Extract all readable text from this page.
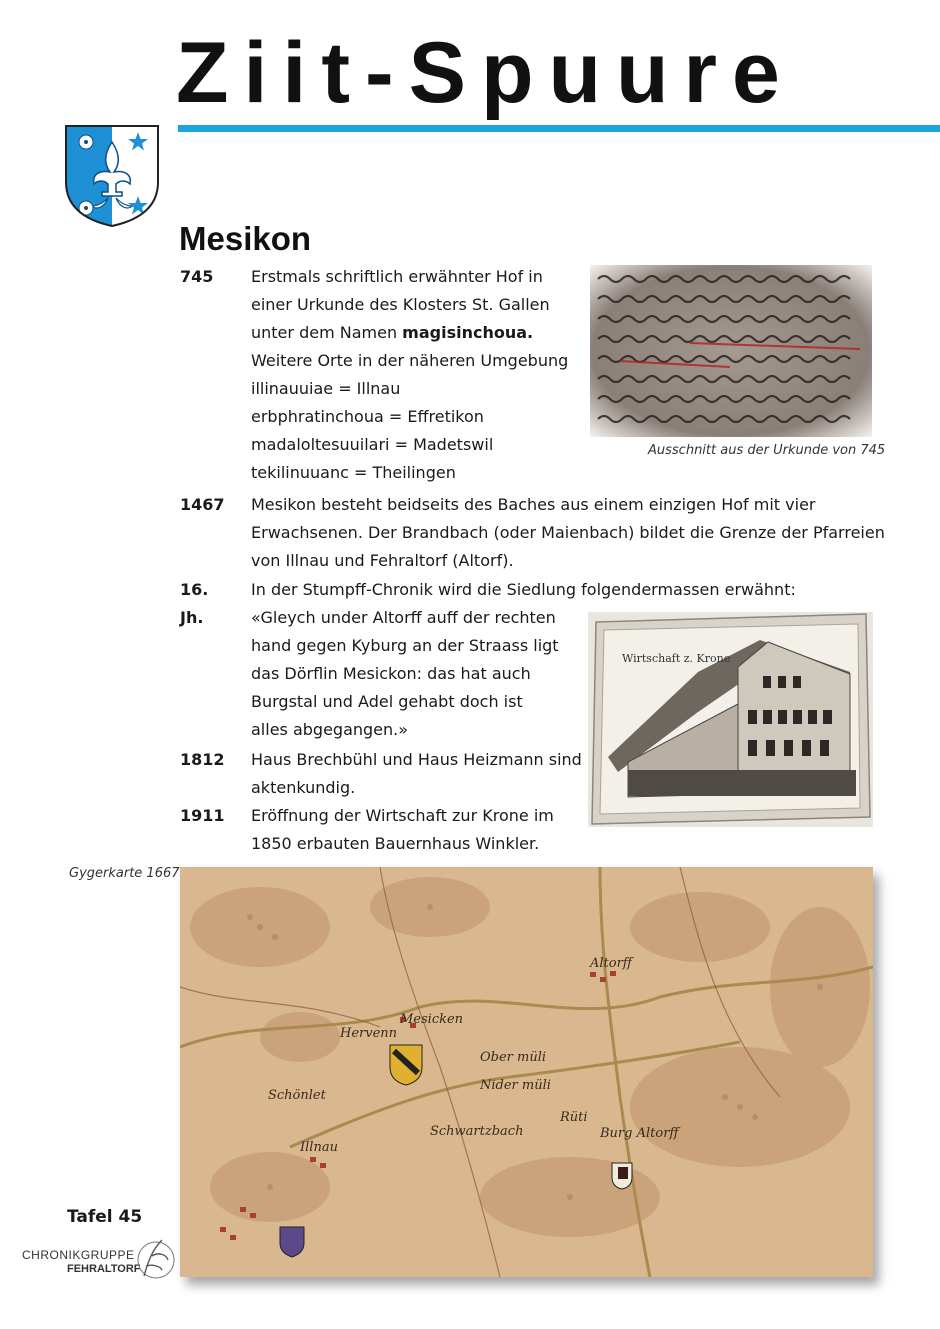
Ziit-Spuure
Mesikon
745 Erstmals schriftlich erwähnter Hof in
einer Urkunde des Klosters St. Gallen
unter dem Namen magisinchoua.
Weitere Orte in der näheren Umgebung
illinauuiae = Illnau
erbphratinchoua = Effretikon
madaloltesuuilari = Madetswil
tekilinuuanc = Theilingen
Ausschnitt aus der Urkunde von 745
1467 Mesikon besteht beidseits des Baches aus einem einzigen Hof mit vier
Erwachsenen. Der Brandbach (oder Maienbach) bildet die Grenze der Pfarreien
von Illnau und Fehraltorf (Altorf).
16. Jh.
In der Stumpff-Chronik wird die Siedlung folgendermassen erwähnt:
«Gleych under Altorff auff der rechten
hand gegen Kyburg an der Straass ligt
das Dörflin Mesickon: das hat auch
Burgstal und Adel gehabt doch ist
alles abgegangen.»
Wirtschaft z. Krone
1812 Haus Brechbühl und Haus Heizmann sind
aktenkundig.
1911 Eröffnung der Wirtschaft zur Krone im
1850 erbauten Bauernhaus Winkler.
Gygerkarte 1667
Altorff
Mesicken
Illnau
Schwartzbach	Burg Altorff
Schönlet
Rüti
Hervenn
Ober müli
Nider müli
Tafel 45
CHRONIKGRUPPE
FEHRALTORF
